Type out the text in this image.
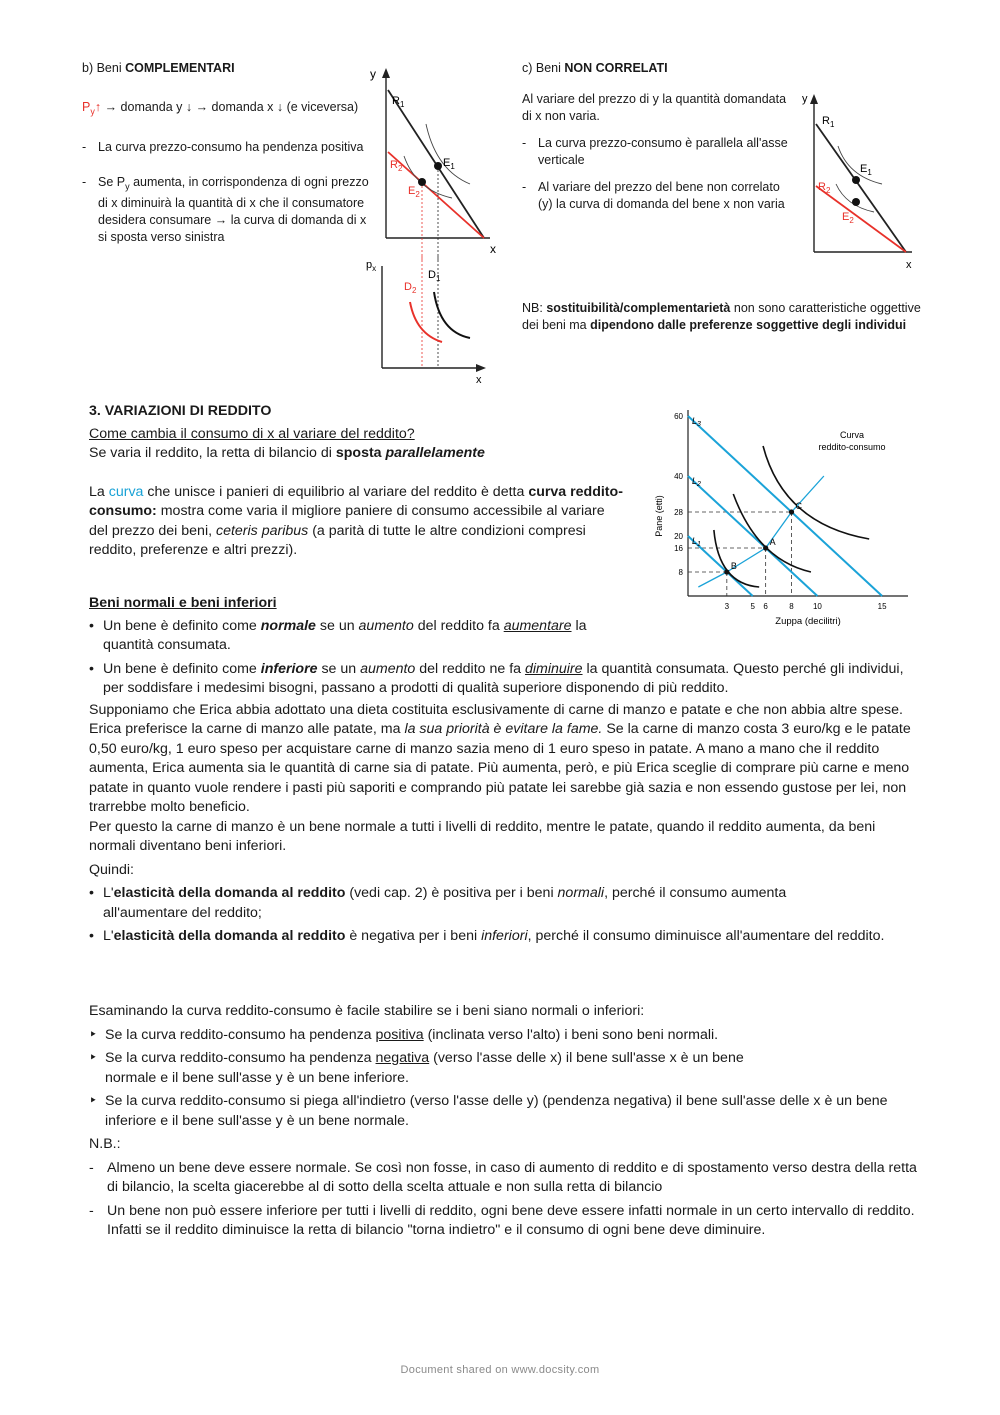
b) Beni COMPLEMENTARI
$P_y↑$ → domanda y ↓ → domanda x ↓ (e viceversa)
- La curva prezzo-consumo ha pendenza positiva
- Se $P_y$ aumenta, in corrispondenza di ogni prezzo di x diminuirà la quantità di x che il consumatore desidera consumare → la curva di domanda di x si sposta verso sinistra
y
x
$R_1$
$R_2$	$E_1$
$E_2$
$p_x$
x
$D_1$
$D_2$
c) Beni NON CORRELATI
Al variare del prezzo di y la quantità domandata di x non varia.
- La curva prezzo-consumo è parallela all'asse verticale
- Al variare del prezzo del bene non correlato (y) la curva di domanda del bene x non varia
y
x
$R_1$
$R_2$
$E_1$
$E_2$
NB: sostituibilità/complementarietà non sono caratteristiche oggettive dei beni ma dipendono dalle preferenze soggettive degli individui
3. VARIAZIONI DI REDDITO
Come cambia il consumo di x al variare del reddito?
Se varia il reddito, la retta di bilancio di sposta parallelamente
La curva che unisce i panieri di equilibrio al variare del reddito è detta curva reddito-consumo: mostra come varia il migliore paniere di consumo accessibile al variare del prezzo dei beni, ceteris paribus (a parità di tutte le altre condizioni compresi reddito, preferenze e altri prezzi).
B
A
C
8
16
20
28
40
60
3	5 6	8 10	15
$L_2$
$L_1$
$L_3$
Pane (etti)
Zuppa (decilitri)
Curva
reddito-consumo
Beni normali e beni inferiori
• Un bene è definito come normale se un aumento del reddito fa aumentare la quantità consumata.
• Un bene è definito come inferiore se un aumento del reddito ne fa diminuire la quantità consumata. Questo perché gli individui, per soddisfare i medesimi bisogni, passano a prodotti di qualità superiore disponendo di più reddito.
Supponiamo che Erica abbia adottato una dieta costituita esclusivamente di carne di manzo e patate e che non abbia altre spese. Erica preferisce la carne di manzo alle patate, ma la sua priorità è evitare la fame. Se la carne di manzo costa 3 euro/kg e le patate 0,50 euro/kg, 1 euro speso per acquistare carne di manzo sazia meno di 1 euro speso in patate. A mano a mano che il reddito aumenta, Erica aumenta sia le quantità di carne sia di patate. Più aumenta, però, e più Erica sceglie di comprare più carne e meno patate in quanto vuole rendere i pasti più saporiti e comprando più patate lei sarebbe già sazia e non essendo gustose per lei, non trarrebbe molto beneficio.
Per questo la carne di manzo è un bene normale a tutti i livelli di reddito, mentre le patate, quando il reddito aumenta, da beni normali diventano beni inferiori.
Quindi:
• L'elasticità della domanda al reddito (vedi cap. 2) è positiva per i beni normali, perché il consumo aumenta all'aumentare del reddito;
• L'elasticità della domanda al reddito è negativa per i beni inferiori, perché il consumo diminuisce all'aumentare del reddito.
Esaminando la curva reddito-consumo è facile stabilire se i beni siano normali o inferiori:
‣ Se la curva reddito-consumo ha pendenza positiva (inclinata verso l'alto) i beni sono beni normali.
‣ Se la curva reddito-consumo ha pendenza negativa (verso l'asse delle x) il bene sull'asse x è un bene normale e il bene sull'asse y è un bene inferiore.
‣ Se la curva reddito-consumo si piega all'indietro (verso l'asse delle y) (pendenza negativa) il bene sull'asse delle x è un bene inferiore e il bene sull'asse y è un bene normale.
N.B.:
- Almeno un bene deve essere normale. Se così non fosse, in caso di aumento di reddito e di spostamento verso destra della retta di bilancio, la scelta giacerebbe al di sotto della scelta attuale e non sulla retta di bilancio
- Un bene non può essere inferiore per tutti i livelli di reddito, ogni bene deve essere infatti normale in un certo intervallo di reddito. Infatti se il reddito diminuisce la retta di bilancio "torna indietro" e il consumo di ogni bene deve diminuire.
Document shared on www.docsity.com
